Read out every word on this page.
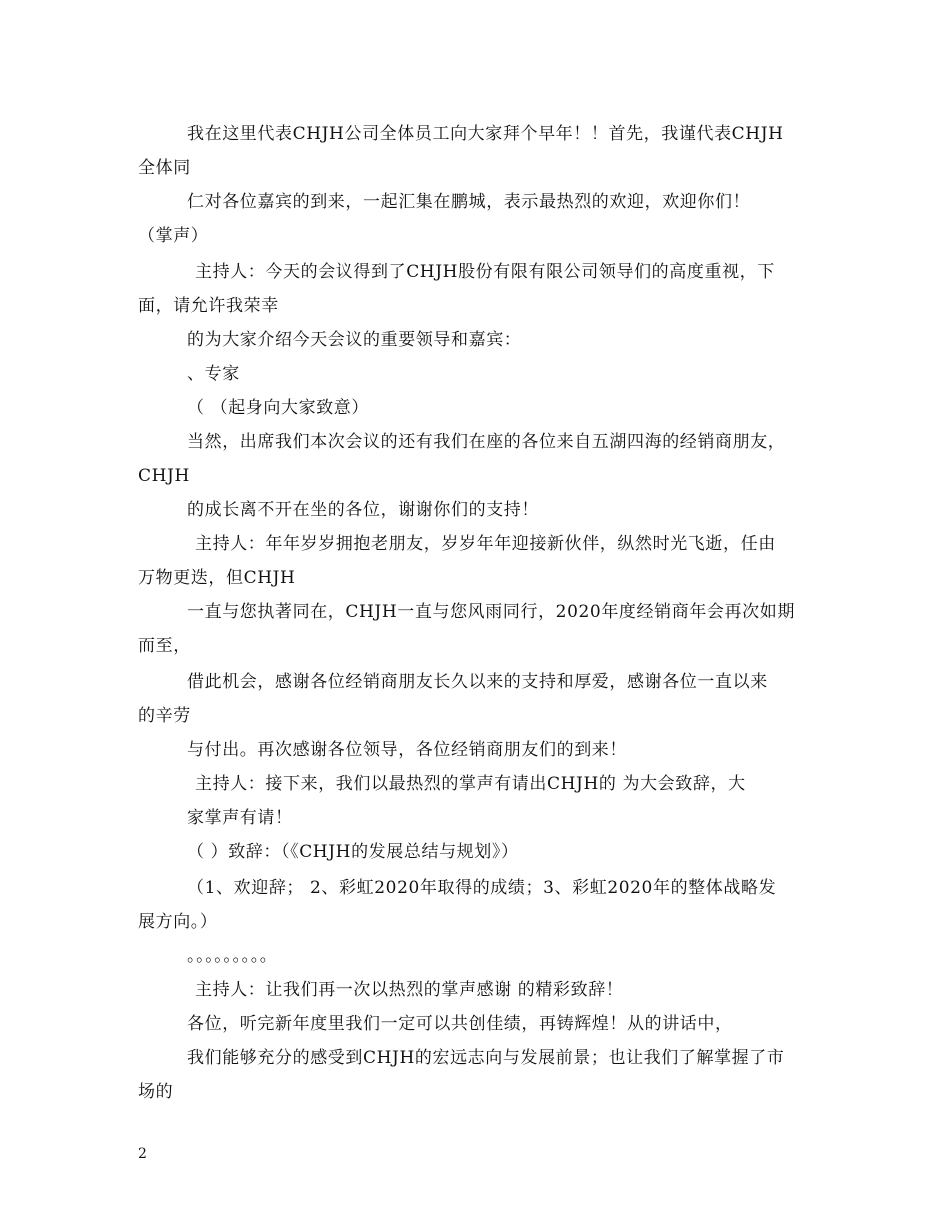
我在这里代表CHJH公司全体员工向大家拜个早年！！首先，我谨代表CHJH
全体同
仁对各位嘉宾的到来，一起汇集在鹏城，表示最热烈的欢迎，欢迎你们！
（掌声）
主持人：今天的会议得到了CHJH股份有限有限公司领导们的高度重视，下
面，请允许我荣幸
的为大家介绍今天会议的重要领导和嘉宾：
、专家
（ （起身向大家致意）
当然，出席我们本次会议的还有我们在座的各位来自五湖四海的经销商朋友，
CHJH
的成长离不开在坐的各位，谢谢你们的支持！
主持人：年年岁岁拥抱老朋友，岁岁年年迎接新伙伴，纵然时光飞逝，任由
万物更迭，但CHJH
一直与您执著同在，CHJH一直与您风雨同行，2020年度经销商年会再次如期
而至，
借此机会，感谢各位经销商朋友长久以来的支持和厚爱，感谢各位一直以来
的辛劳
与付出。再次感谢各位领导，各位经销商朋友们的到来！
主持人：接下来，我们以最热烈的掌声有请出CHJH的 为大会致辞，大
家掌声有请！
（ ）致辞：（《CHJH的发展总结与规划》）
（1、欢迎辞； 2、彩虹2020年取得的成绩；3、彩虹2020年的整体战略发
展方向。）
。。。。。。。。。
主持人：让我们再一次以热烈的掌声感谢 的精彩致辞！
各位，听完新年度里我们一定可以共创佳绩，再铸辉煌！从的讲话中，
我们能够充分的感受到CHJH的宏远志向与发展前景；也让我们了解掌握了市
场的
2
